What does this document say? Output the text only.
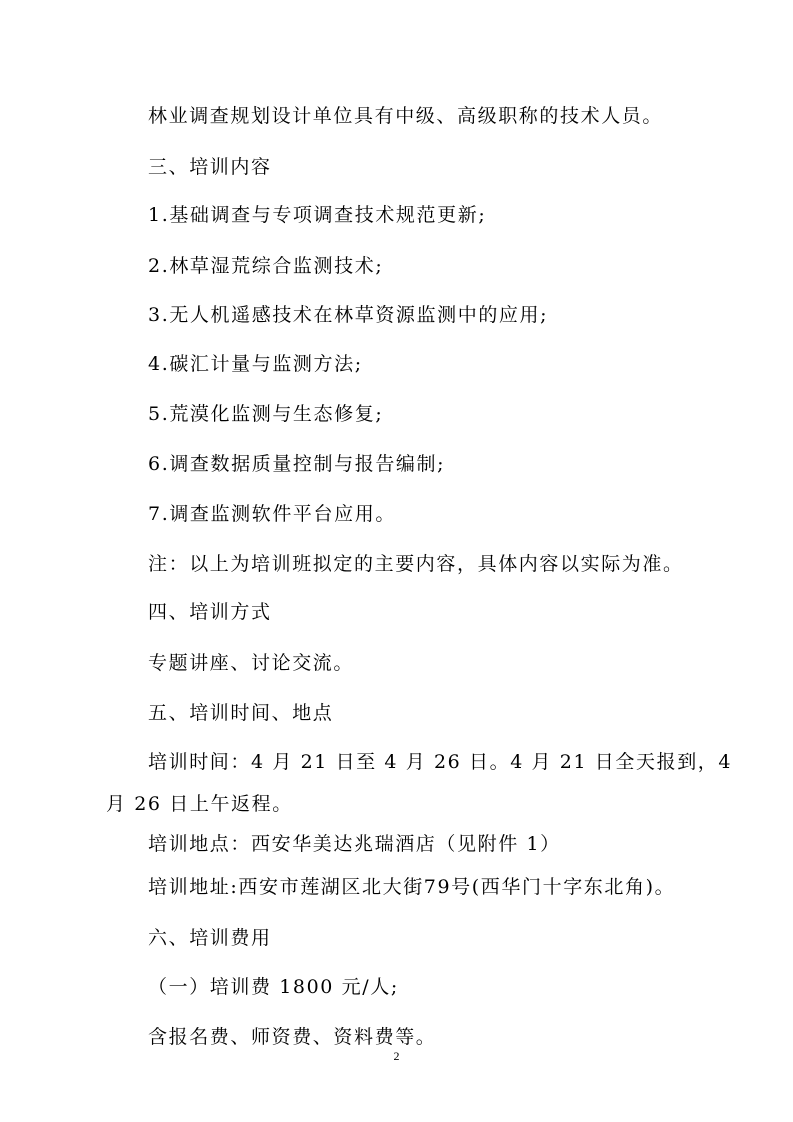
林业调查规划设计单位具有中级、高级职称的技术人员。
三、培训内容
1.基础调查与专项调查技术规范更新;
2.林草湿荒综合监测技术;
3.无人机遥感技术在林草资源监测中的应用;
4.碳汇计量与监测方法;
5.荒漠化监测与生态修复;
6.调查数据质量控制与报告编制;
7.调查监测软件平台应用。
注：以上为培训班拟定的主要内容，具体内容以实际为准。
四、培训方式
专题讲座、讨论交流。
五、培训时间、地点
培训时间：4 月 21 日至 4 月 26 日。4 月 21 日全天报到，4
月 26 日上午返程。
培训地点：西安华美达兆瑞酒店（见附件 1）
培训地址:西安市莲湖区北大街79号(西华门十字东北角)。
六、培训费用
（一）培训费 1800 元/人;
含报名费、师资费、资料费等。
2
